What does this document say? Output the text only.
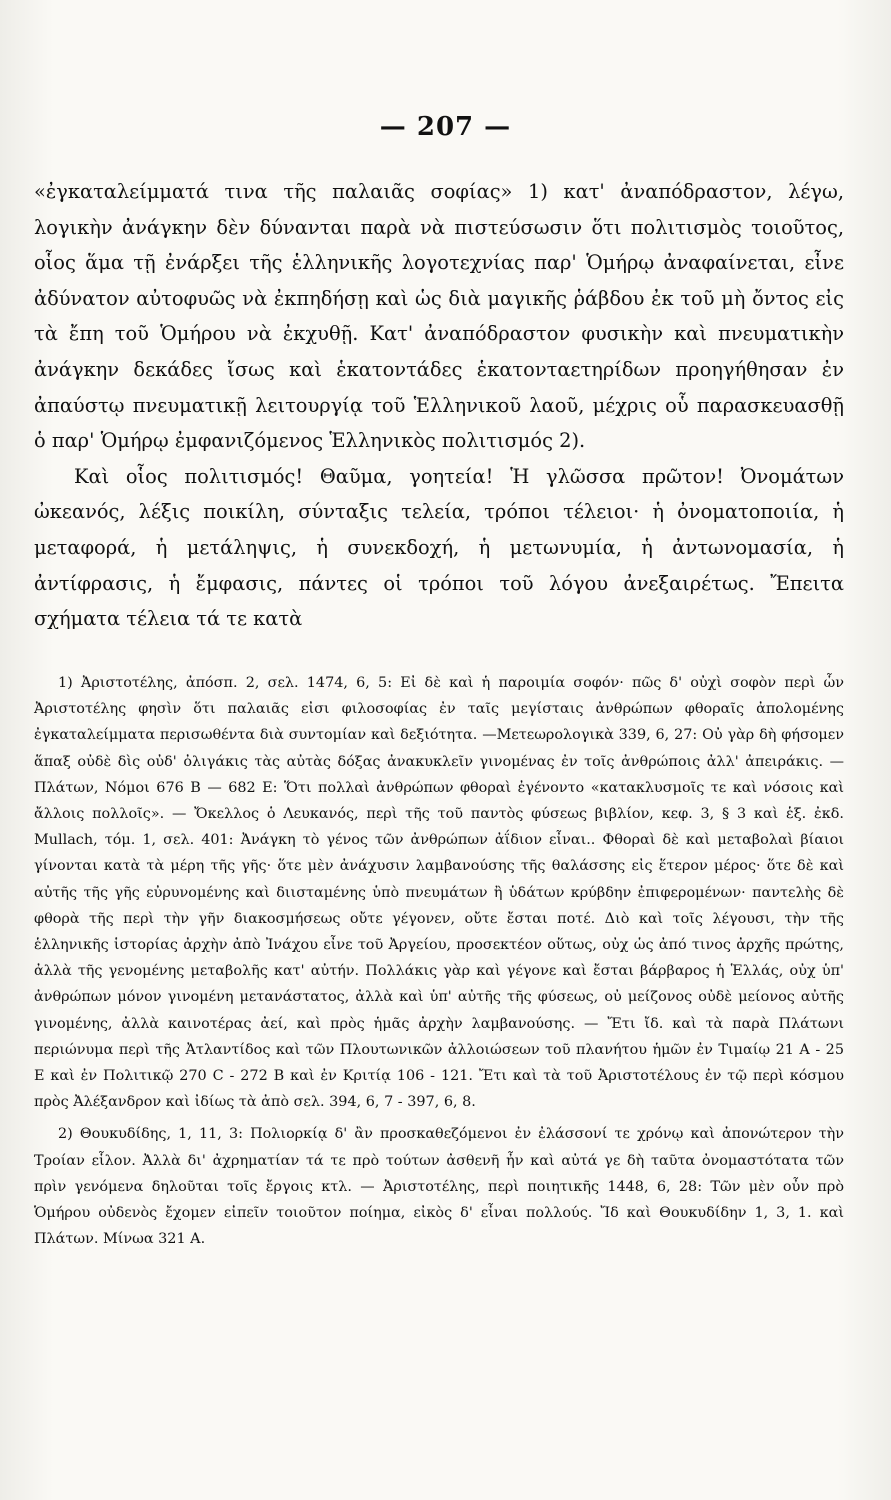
— 207 —

«ἐγκαταλείμματά τινα τῆς παλαιᾶς σοφίας» 1) κατ' ἀναπόδραστον, λέγω, λογικὴν ἀνάγκην δὲν δύνανται παρὰ νὰ πιστεύσωσιν ὅτι πολιτισμὸς τοιοῦτος, οἷος ἅμα τῇ ἐνάρξει τῆς ἑλληνικῆς λογοτεχνίας παρ' Ὁμήρῳ ἀναφαίνεται, εἶνε ἀδύνατον αὐτοφυῶς νὰ ἐκπηδήσῃ καὶ ὡς διὰ μαγικῆς ῥάβδου ἐκ τοῦ μὴ ὄντος εἰς τὰ ἔπη τοῦ Ὁμήρου νὰ ἐκχυθῇ. Κατ' ἀναπόδραστον φυσικὴν καὶ πνευματικὴν ἀνάγκην δεκάδες ἴσως καὶ ἑκατοντάδες ἑκατονταετηρίδων προηγήθησαν ἐν ἀπαύστῳ πνευματικῇ λειτουργίᾳ τοῦ Ἑλληνικοῦ λαοῦ, μέχρις οὗ παρασκευασθῇ ὁ παρ' Ὁμήρῳ ἐμφανιζόμενος Ἑλληνικὸς πολιτισμός 2).

Καὶ οἷος πολιτισμός! Θαῦμα, γοητεία! Ἡ γλῶσσα πρῶτον! Ὀνομάτων ὠκεανός, λέξις ποικίλη, σύνταξις τελεία, τρόποι τέλειοι· ἡ ὀνοματοποιία, ἡ μεταφορά, ἡ μετάληψις, ἡ συνεκδοχή, ἡ μετωνυμία, ἡ ἀντωνομασία, ἡ ἀντίφρασις, ἡ ἔμφασις, πάντες οἱ τρόποι τοῦ λόγου ἀνεξαιρέτως. Ἔπειτα σχήματα τέλεια τά τε κατὰ

1) Ἀριστοτέλης, ἀπόσπ. 2, σελ. 1474, 6, 5: Εἰ δὲ καὶ ἡ παροιμία σοφόν· πῶς δ' οὐχὶ σοφὸν περὶ ὧν Ἀριστοτέλης φησὶν ὅτι παλαιᾶς εἰσι φιλοσοφίας ἐν ταῖς μεγίσταις ἀνθρώπων φθοραῖς ἀπολομένης ἐγκαταλείμματα περισωθέντα διὰ συντομίαν καὶ δεξιότητα. —Μετεωρολογικὰ 339, 6, 27: Οὐ γὰρ δὴ φήσομεν ἅπαξ οὐδὲ δὶς οὐδ' ὀλιγάκις τὰς αὐτὰς δόξας ἀνακυκλεῖν γινομένας ἐν τοῖς ἀνθρώποις ἀλλ' ἀπειράκις. — Πλάτων, Νόμοι 676 B — 682 E: Ὅτι πολλαὶ ἀνθρώπων φθοραὶ ἐγένοντο «κατακλυσμοῖς τε καὶ νόσοις καὶ ἄλλοις πολλοῖς». — Ὄκελλος ὁ Λευκανός, περὶ τῆς τοῦ παντὸς φύσεως βιβλίον, κεφ. 3, § 3 καὶ ἑξ. ἐκδ. Mullach, τόμ. 1, σελ. 401: Ἀνάγκη τὸ γένος τῶν ἀνθρώπων ἀΐδιον εἶναι.. Φθοραὶ δὲ καὶ μεταβολαὶ βίαιοι γίνονται κατὰ τὰ μέρη τῆς γῆς· ὅτε μὲν ἀνάχυσιν λαμβανούσης τῆς θαλάσσης εἰς ἕτερον μέρος· ὅτε δὲ καὶ αὐτῆς τῆς γῆς εὐρυνομένης καὶ διισταμένης ὑπὸ πνευμάτων ἢ ὑδάτων κρύβδην ἐπιφερομένων· παντελὴς δὲ φθορὰ τῆς περὶ τὴν γῆν διακοσμήσεως οὔτε γέγονεν, οὔτε ἔσται ποτέ. Διὸ καὶ τοῖς λέγουσι, τὴν τῆς ἑλληνικῆς ἱστορίας ἀρχὴν ἀπὸ Ἰνάχου εἶνε τοῦ Ἀργείου, προσεκτέον οὕτως, οὐχ ὡς ἀπό τινος ἀρχῆς πρώτης, ἀλλὰ τῆς γενομένης μεταβολῆς κατ' αὐτήν. Πολλάκις γὰρ καὶ γέγονε καὶ ἔσται βάρβαρος ἡ Ἑλλάς, οὐχ ὑπ' ἀνθρώπων μόνον γινομένη μετανάστατος, ἀλλὰ καὶ ὑπ' αὐτῆς τῆς φύσεως, οὐ μείζονος οὐδὲ μείονος αὐτῆς γινομένης, ἀλλὰ καινοτέρας ἀεί, καὶ πρὸς ἡμᾶς ἀρχὴν λαμβανούσης. — Ἔτι ἴδ. καὶ τὰ παρὰ Πλάτωνι περιώνυμα περὶ τῆς Ἀτλαντίδος καὶ τῶν Πλουτωνικῶν ἀλλοιώσεων τοῦ πλανήτου ἡμῶν ἐν Τιμαίῳ 21 A - 25 E καὶ ἐν Πολιτικῷ 270 C - 272 B καὶ ἐν Κριτίᾳ 106 - 121. Ἔτι καὶ τὰ τοῦ Ἀριστοτέλους ἐν τῷ περὶ κόσμου πρὸς Ἀλέξανδρον καὶ ἰδίως τὰ ἀπὸ σελ. 394, 6, 7 - 397, 6, 8.

2) Θουκυδίδης, 1, 11, 3: Πολιορκίᾳ δ' ἂν προσκαθεζόμενοι ἐν ἐλάσσονί τε χρόνῳ καὶ ἀπονώτερον τὴν Τροίαν εἷλον. Ἀλλὰ δι' ἀχρηματίαν τά τε πρὸ τούτων ἀσθενῆ ἦν καὶ αὐτά γε δὴ ταῦτα ὀνομαστότατα τῶν πρὶν γενόμενα δηλοῦται τοῖς ἔργοις κτλ. — Ἀριστοτέλης, περὶ ποιητικῆς 1448, 6, 28: Τῶν μὲν οὖν πρὸ Ὁμήρου οὐδενὸς ἔχομεν εἰπεῖν τοιοῦτον ποίημα, εἰκὸς δ' εἶναι πολλούς. Ἴδ καὶ Θουκυδίδην 1, 3, 1. καὶ Πλάτων. Μίνωα 321 A.
